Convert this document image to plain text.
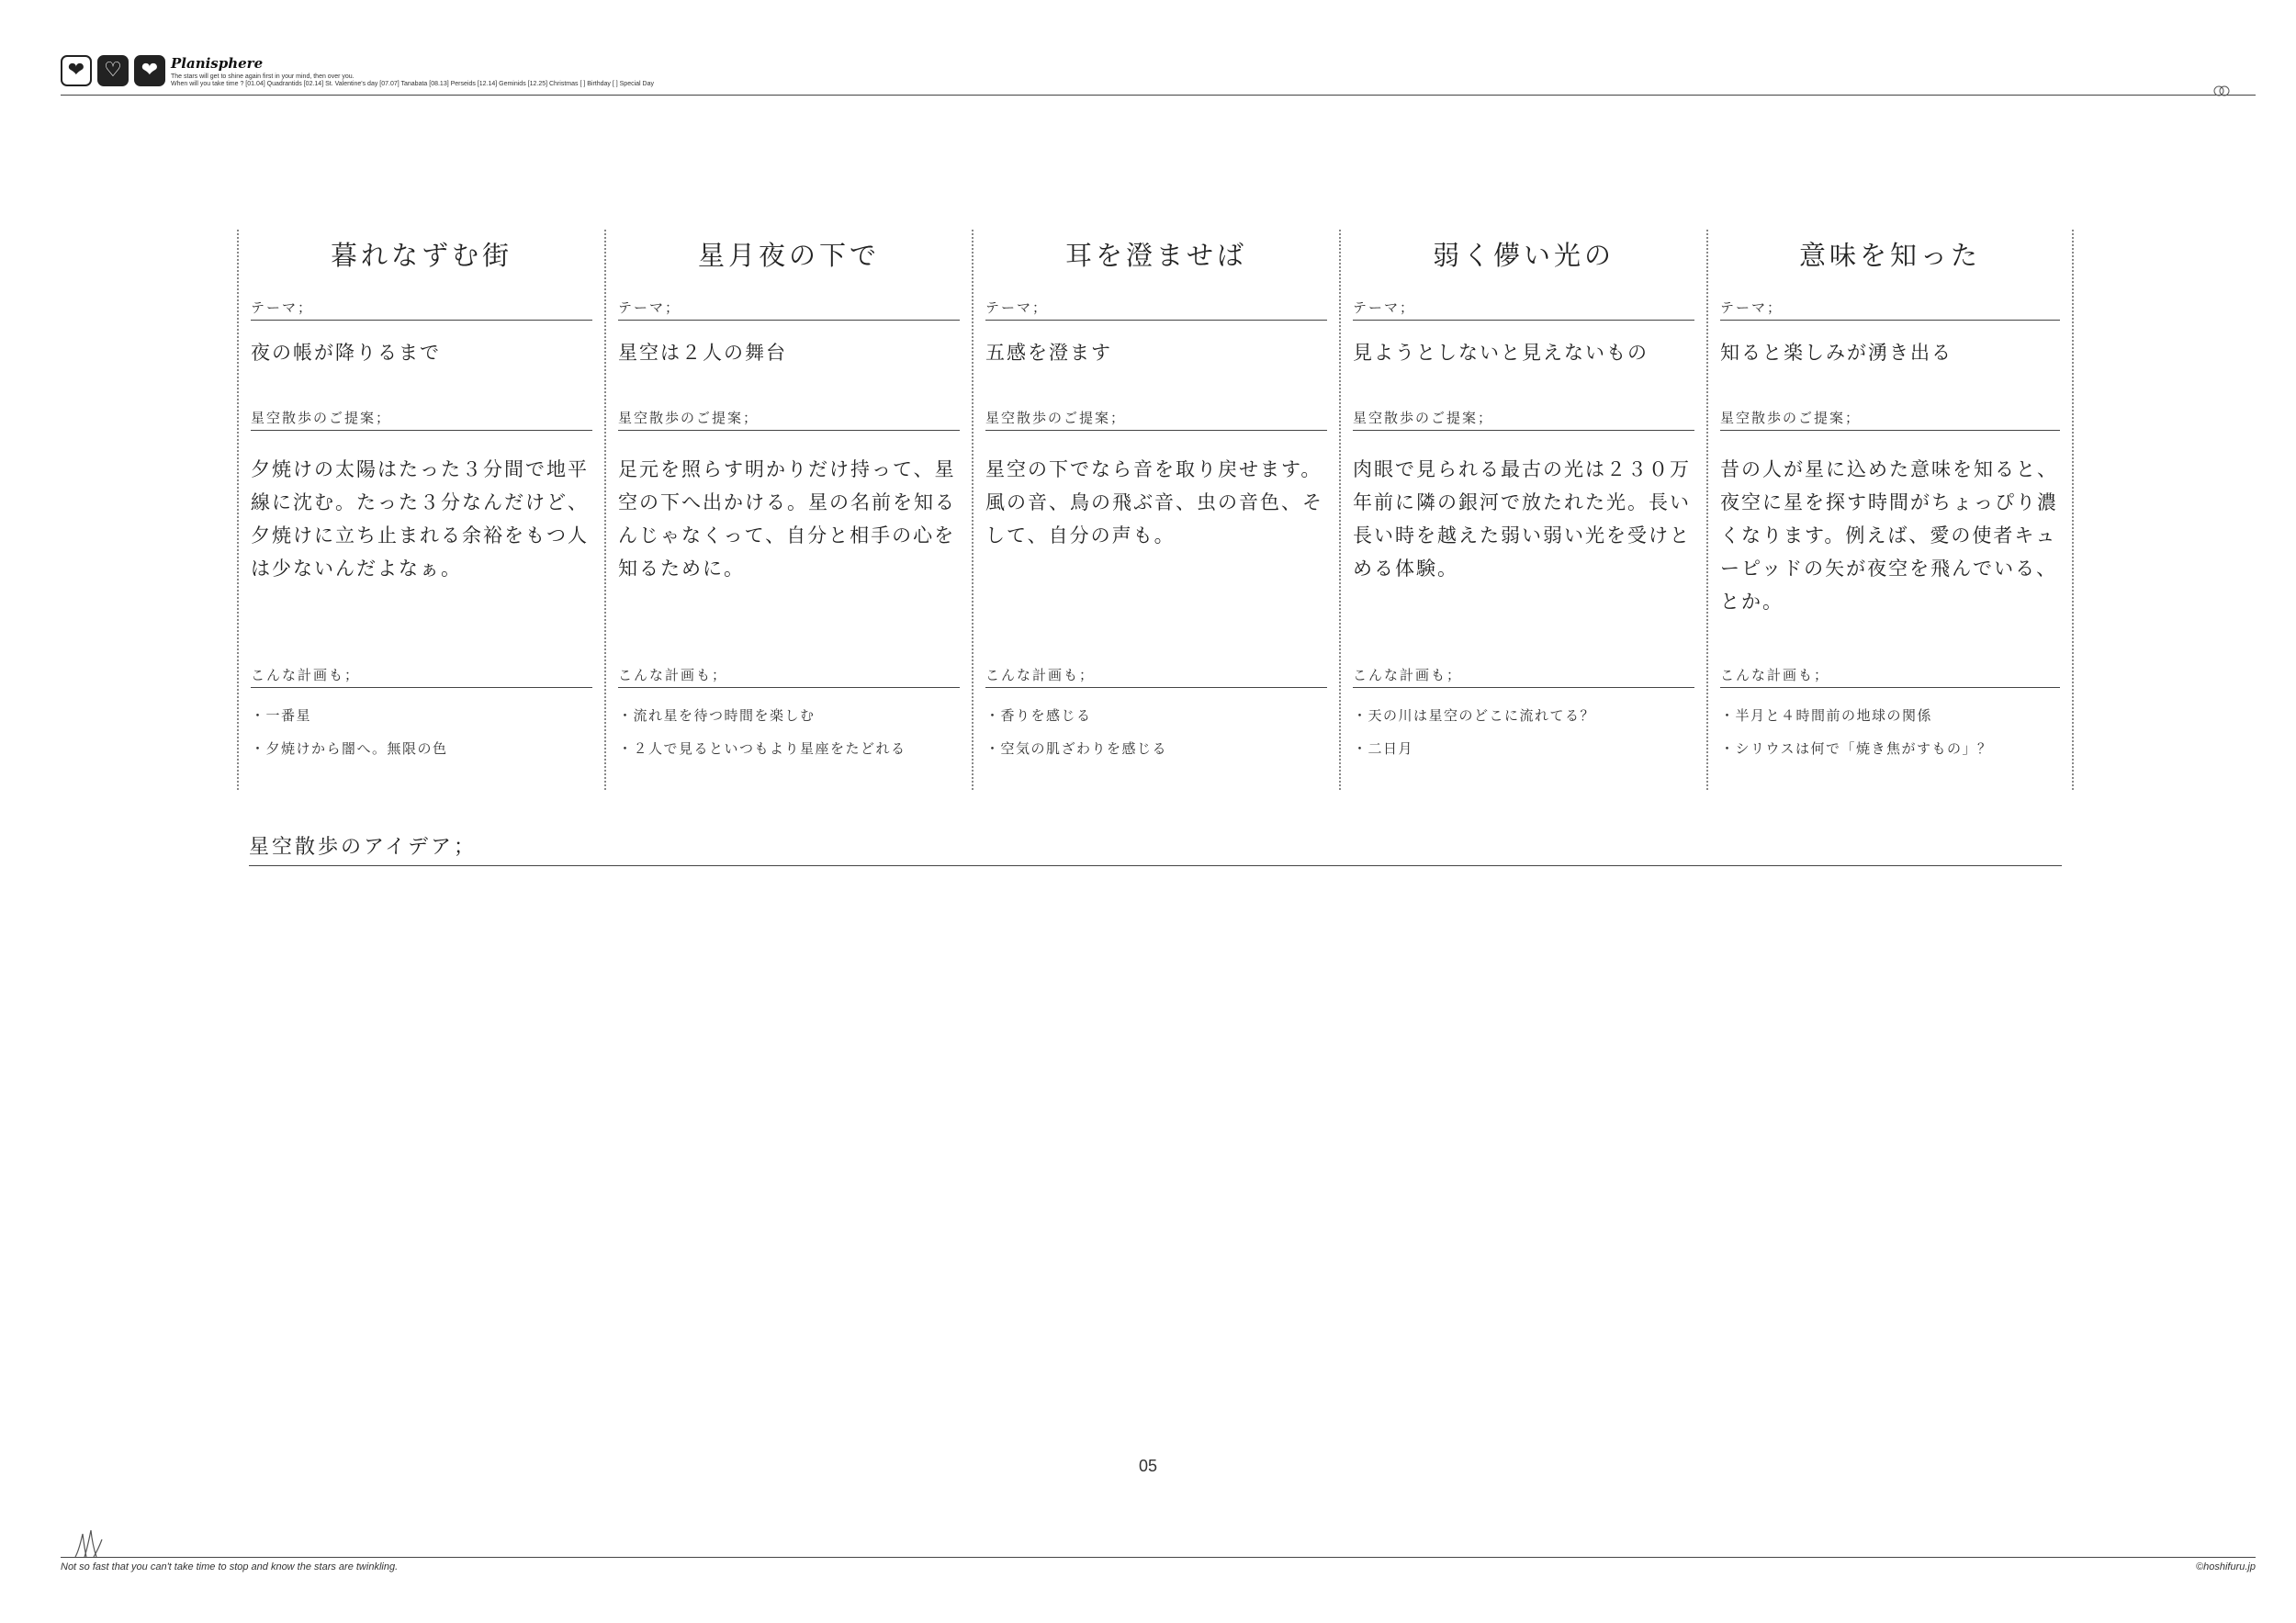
❤ ♡ ❤ Planisphere
The stars will get to shine again first in your mind, then over you.
When will you take time ? [01.04] Quadrantids [02.14] St. Valentine's day [07.07] Tanabata [08.13] Perseids [12.14] Geminids [12.25] Christmas [ ] Birthday [ ] Special Day
暮れなずむ街
テーマ；
夜の帳が降りるまで
星空散歩のご提案；
夕焼けの太陽はたった３分間で地平線に沈む。たった３分なんだけど、夕焼けに立ち止まれる余裕をもつ人は少ないんだよなぁ。
こんな計画も；
・一番星
・夕焼けから闇へ。無限の色
星月夜の下で
テーマ；
星空は２人の舞台
星空散歩のご提案；
足元を照らす明かりだけ持って、星空の下へ出かける。星の名前を知るんじゃなくって、自分と相手の心を知るために。
こんな計画も；
・流れ星を待つ時間を楽しむ
・２人で見るといつもより星座をたどれる
耳を澄ませば
テーマ；
五感を澄ます
星空散歩のご提案；
星空の下でなら音を取り戻せます。風の音、鳥の飛ぶ音、虫の音色、そして、自分の声も。
こんな計画も；
・香りを感じる
・空気の肌ざわりを感じる
弱く儚い光の
テーマ；
見ようとしないと見えないもの
星空散歩のご提案；
肉眼で見られる最古の光は２３０万年前に隣の銀河で放たれた光。長い長い時を越えた弱い弱い光を受けとめる体験。
こんな計画も；
・天の川は星空のどこに流れてる？
・二日月
意味を知った
テーマ；
知ると楽しみが湧き出る
星空散歩のご提案；
昔の人が星に込めた意味を知ると、夜空に星を探す時間がちょっぴり濃くなります。例えば、愛の使者キューピッドの矢が夜空を飛んでいる、とか。
こんな計画も；
・半月と４時間前の地球の関係
・シリウスは何で「焼き焦がすもの」？
星空散歩のアイデア；
05
Not so fast that you can't take time to stop and know the stars are twinkling.	©hoshifuru.jp
